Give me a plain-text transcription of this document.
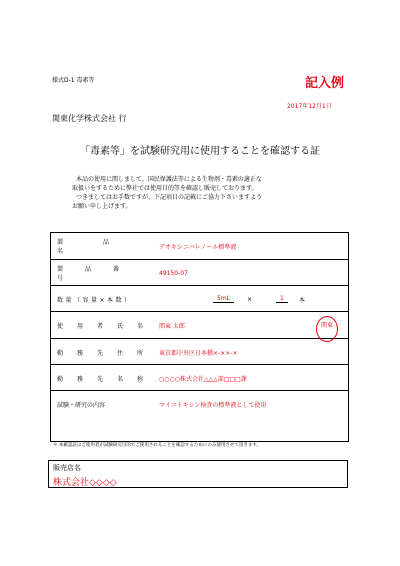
様式D-1 毒素等	記入例
2017年12月1日
関東化学株式会社 行
「毒素等」を試験研究用に使用することを確認する証
本品の使用に関しまして、国民保護法等による生物剤・毒素の適正な
取扱いをするために弊社では使用目的等を確認し販売しております。
つきましてはお手数ですが、下記項目の記載にご協力下さいますよう
お願い申し上げます。
製品名
デオキシニバレノール標準液
製品番号
49150-07
数量（容量×本数）	5mL	×	1	本
使用者氏名 関東 太郎
勤務先住所 東京都中央区日本橋×-××-×
勤務先名称 ○○○○株式会社△△△部□□□課
試験・研究の内容	マイコトキシン検査の標準液として使用
関東
＊ 本確認証はご使用者が試験研究目的でご使用されることを確認するためにのみ使用させて頂きます。
販売店名
株式会社◇◇◇◇
